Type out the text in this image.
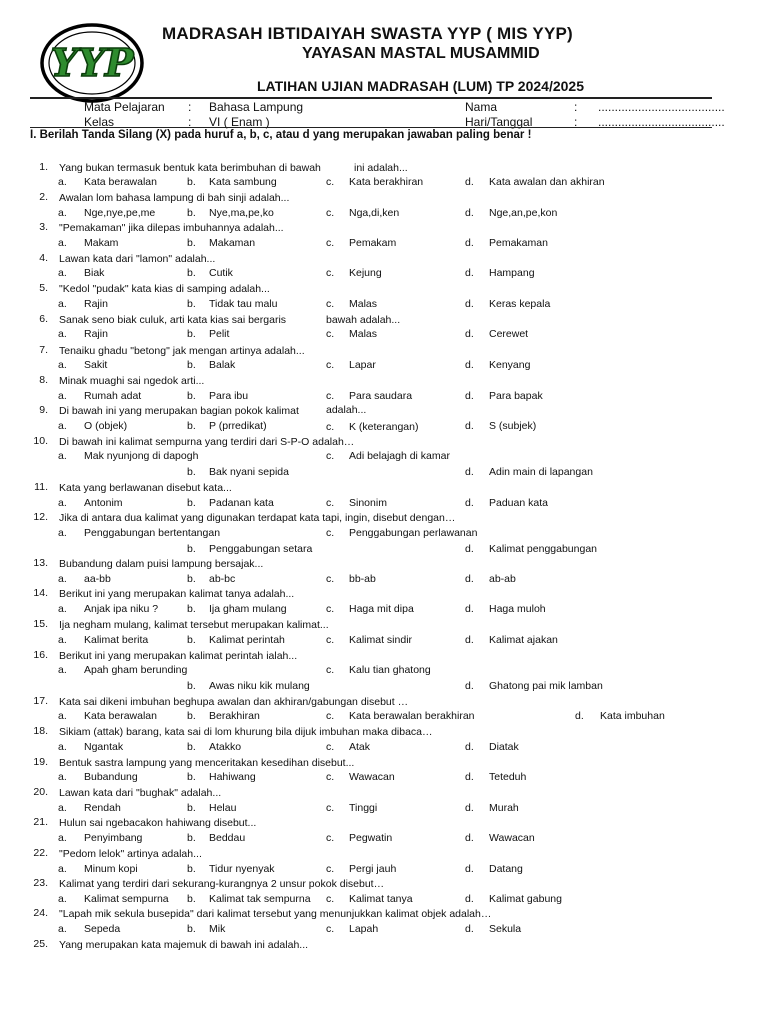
YYP
MADRASAH IBTIDAIYAH SWASTA YYP ( MIS YYP)
YAYASAN MASTAL MUSAMMID
LATIHAN UJIAN MADRASAH (LUM) TP 2024/2025
Mata Pelajaran : Bahasa Lampung
Kelas	: VI ( Enam )
Nama	: ......................................
Hari/Tanggal	: ......................................
I. Berilah Tanda Silang (X) pada huruf a, b, c, atau d yang merupakan jawaban paling benar !
1. Yang bukan termasuk bentuk kata berimbuhan di bawah	ini adalah...
a. Kata berawalan	b. Kata sambung	c. Kata berakhiran	d. Kata awalan dan akhiran
2. Awalan lom bahasa lampung di bah sinji adalah...
a. Nge,nye,pe,me	b. Nye,ma,pe,ko	c. Nga,di,ken	d. Nge,an,pe,kon
3. "Pemakaman" jika dilepas imbuhannya adalah...
a. Makam	b. Makaman	c. Pemakam	d. Pemakaman
4. Lawan kata dari "lamon" adalah...
a. Biak	b. Cutik	c. Kejung	d. Hampang
5. "Kedol "pudak" kata kias di samping adalah...
a. Rajin	b. Tidak tau malu	c. Malas	d. Keras kepala
6. Sanak seno biak culuk, arti kata kias sai bergaris	bawah adalah...
a. Rajin	b. Pelit	c. Malas	d. Cerewet
7. Tenaiku ghadu "betong" jak mengan artinya adalah...
a. Sakit	b. Balak	c. Lapar	d. Kenyang
8. Minak muaghi sai ngedok arti...
a. Rumah adat	b. Para ibu	c. Para saudara	d. Para bapak
9. Di bawah ini yang merupakan bagian pokok kalimat	adalah...
a. O (objek)	b. P (prredikat)	c. K (keterangan)	d. S (subjek)
10. Di bawah ini kalimat sempurna yang terdiri dari S-P-O adalah…
a. Mak nyunjong di dapogh	c. Adi belajagh di kamar
b. Bak nyani sepida	d. Adin main di lapangan
11. Kata yang berlawanan disebut kata...
a. Antonim	b. Padanan kata	c. Sinonim	d. Paduan kata
12. Jika di antara dua kalimat yang digunakan terdapat kata tapi, ingin, disebut dengan…
a. Penggabungan bertentangan	c. Penggabungan perlawanan
b. Penggabungan setara	d. Kalimat penggabungan
13. Bubandung dalam puisi lampung bersajak...
a. aa-bb	b. ab-bc	c. bb-ab	d. ab-ab
14. Berikut ini yang merupakan kalimat tanya adalah...
a. Anjak ipa niku ?	b. Ija gham mulang	c. Haga mit dipa	d. Haga muloh
15. Ija negham mulang, kalimat tersebut merupakan kalimat...
a. Kalimat berita	b. Kalimat perintah	c. Kalimat sindir	d. Kalimat ajakan
16. Berikut ini yang merupakan kalimat perintah ialah...
a. Apah gham berunding	c. Kalu tian ghatong
b. Awas niku kik mulang	d. Ghatong pai mik lamban
17. Kata sai dikeni imbuhan beghupa awalan dan akhiran/gabungan disebut …
a. Kata berawalan	b. Berakhiran	c. Kata berawalan berakhiran	d. Kata imbuhan
18. Sikiam (attak) barang, kata sai di lom khurung bila dijuk imbuhan maka dibaca…
a. Ngantak	b. Atakko	c. Atak	d. Diatak
19. Bentuk sastra lampung yang menceritakan kesedihan disebut...
a. Bubandung	b. Hahiwang	c. Wawacan	d. Teteduh
20. Lawan kata dari "bughak" adalah...
a. Rendah	b. Helau	c. Tinggi	d. Murah
21. Hulun sai ngebacakon hahiwang disebut...
a. Penyimbang	b. Beddau	c. Pegwatin	d. Wawacan
22. "Pedom lelok" artinya adalah...
a. Minum kopi	b. Tidur nyenyak	c. Pergi jauh	d. Datang
23. Kalimat yang terdiri dari sekurang-kurangnya 2 unsur pokok disebut…
a. Kalimat sempurna b. Kalimat tak sempurna c. Kalimat tanya	d. Kalimat gabung
24. "Lapah mik sekula busepida" dari kalimat tersebut yang menunjukkan kalimat objek adalah…
a. Sepeda	b. Mik	c. Lapah	d. Sekula
25. Yang merupakan kata majemuk di bawah ini adalah...
